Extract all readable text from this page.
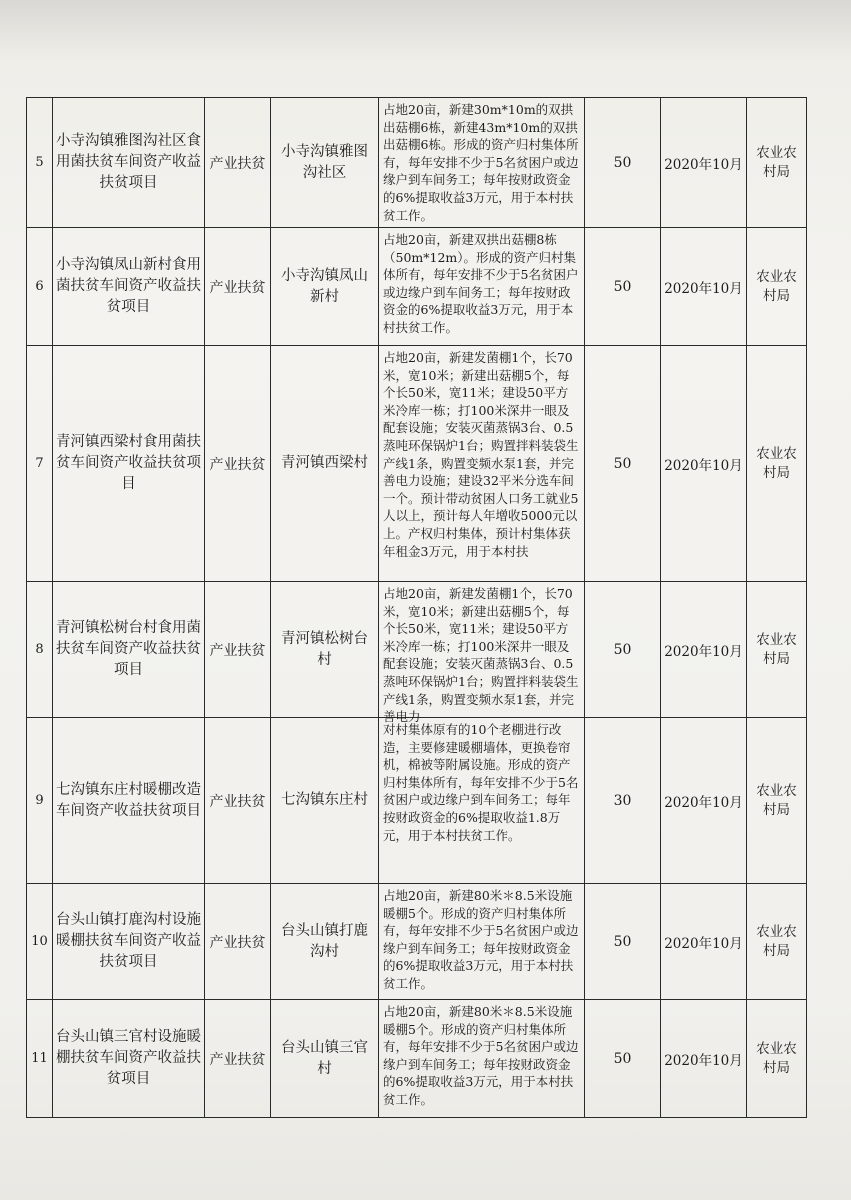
5	小寺沟镇雅图沟社区食用菌扶贫车间资产收益扶贫项目	产业扶贫	小寺沟镇雅图沟社区	占地20亩，新建30m*10m的双拱出菇棚6栋，新建43m*10m的双拱出菇棚6栋。形成的资产归村集体所有，每年安排不少于5名贫困户或边缘户到车间务工；每年按财政资金的6%提取收益3万元，用于本村扶贫工作。	50	2020年10月	农业农村局

6	小寺沟镇凤山新村食用菌扶贫车间资产收益扶贫项目	产业扶贫	小寺沟镇凤山新村	占地20亩，新建双拱出菇棚8栋（50m*12m）。形成的资产归村集体所有，每年安排不少于5名贫困户或边缘户到车间务工；每年按财政资金的6%提取收益3万元，用于本村扶贫工作。	50	2020年10月	农业农村局

7	青河镇西梁村食用菌扶贫车间资产收益扶贫项目	产业扶贫	青河镇西梁村	占地20亩，新建发菌棚1个，长70米，宽10米；新建出菇棚5个，每个长50米，宽11米；建设50平方米冷库一栋；打100米深井一眼及配套设施；安装灭菌蒸锅3台、0.5蒸吨环保锅炉1台；购置拌料装袋生产线1条，购置变频水泵1套，并完善电力设施；建设32平米分选车间一个。预计带动贫困人口务工就业5人以上，预计每人年增收5000元以上。产权归村集体，预计村集体获年租金3万元，用于本村扶	50	2020年10月	农业农村局

8	青河镇松树台村食用菌扶贫车间资产收益扶贫项目	产业扶贫	青河镇松树台村	占地20亩，新建发菌棚1个，长70米，宽10米；新建出菇棚5个，每个长50米，宽11米；建设50平方米冷库一栋；打100米深井一眼及配套设施；安装灭菌蒸锅3台、0.5蒸吨环保锅炉1台；购置拌料装袋生产线1条，购置变频水泵1套，并完善电力	50	2020年10月	农业农村局

9	七沟镇东庄村暖棚改造车间资产收益扶贫项目	产业扶贫	七沟镇东庄村	对村集体原有的10个老棚进行改造，主要修建暖棚墙体，更换卷帘机，棉被等附属设施。形成的资产归村集体所有，每年安排不少于5名贫困户或边缘户到车间务工；每年按财政资金的6%提取收益1.8万元，用于本村扶贫工作。	30	2020年10月	农业农村局

10	台头山镇打鹿沟村设施暖棚扶贫车间资产收益扶贫项目	产业扶贫	台头山镇打鹿沟村	占地20亩，新建80米＊8.5米设施暖棚5个。形成的资产归村集体所有，每年安排不少于5名贫困户或边缘户到车间务工；每年按财政资金的6%提取收益3万元，用于本村扶贫工作。	50	2020年10月	农业农村局

11	台头山镇三官村设施暖棚扶贫车间资产收益扶贫项目	产业扶贫	台头山镇三官村	占地20亩，新建80米＊8.5米设施暖棚5个。形成的资产归村集体所有，每年安排不少于5名贫困户或边缘户到车间务工；每年按财政资金的6%提取收益3万元，用于本村扶贫工作。	50	2020年10月	农业农村局
